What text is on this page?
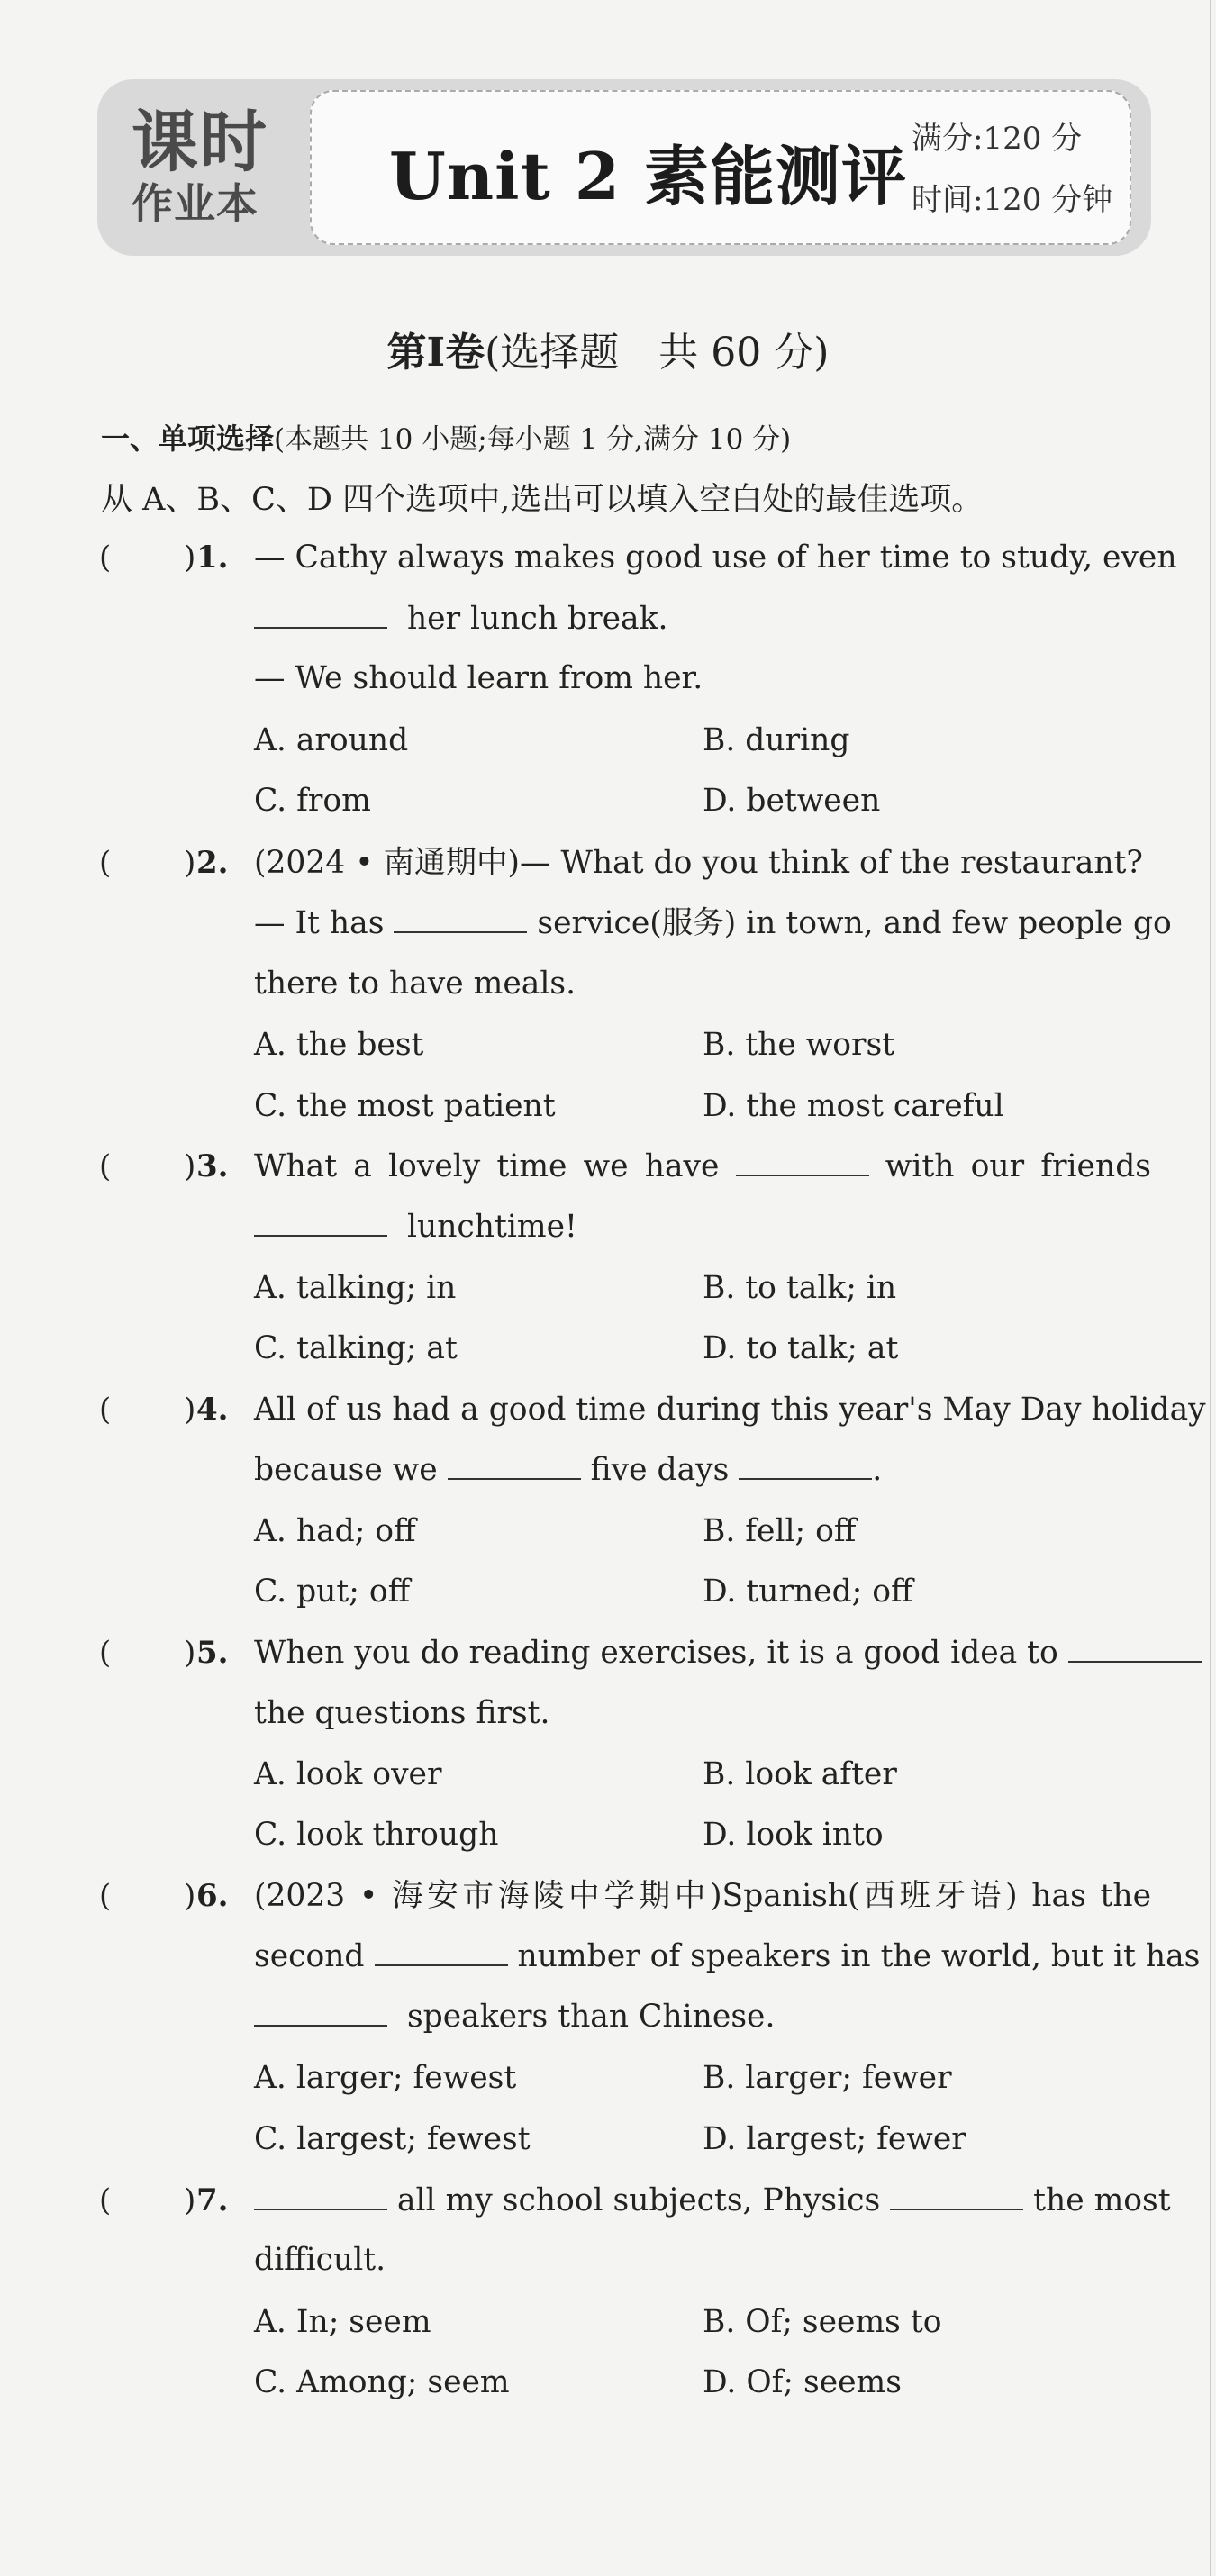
课时
作业本 Unit 2 素能测评 满分:120 分
时间:120 分钟
第Ⅰ卷(选择题　共 60 分)
一、单项选择(本题共 10 小题;每小题 1 分,满分 10 分)
从 A、B、C、D 四个选项中,选出可以填入空白处的最佳选项。
( ) 1. — Cathy always makes good use of her time to study, even
her lunch break.
— We should learn from her.
A. around	B. during
C. from	D. between
( ) 2. (2024 • 南通期中)— What do you think of the restaurant?
— It has	service(服务) in town, and few people go
there to have meals.
A. the best	B. the worst
C. the most patient	D. the most careful
( ) 3. What a lovely time we have	with our friends
lunchtime!
A. talking; in	B. to talk; in
C. talking; at	D. to talk; at
( ) 4. All of us had a good time during this year's May Day holiday
because we	five days	.
A. had; off	B. fell; off
C. put; off	D. turned; off
( ) 5. When you do reading exercises, it is a good idea to
the questions first.
A. look over	B. look after
C. look through	D. look into
( ) 6. (2023 • 海安市海陵中学期中)Spanish(西班牙语) has the
second	number of speakers in the world, but it has
speakers than Chinese.
A. larger; fewest	B. larger; fewer
C. largest; fewest	D. largest; fewer
( ) 7.	all my school subjects, Physics	the most
difficult.
A. In; seem	B. Of; seems to
C. Among; seem	D. Of; seems
